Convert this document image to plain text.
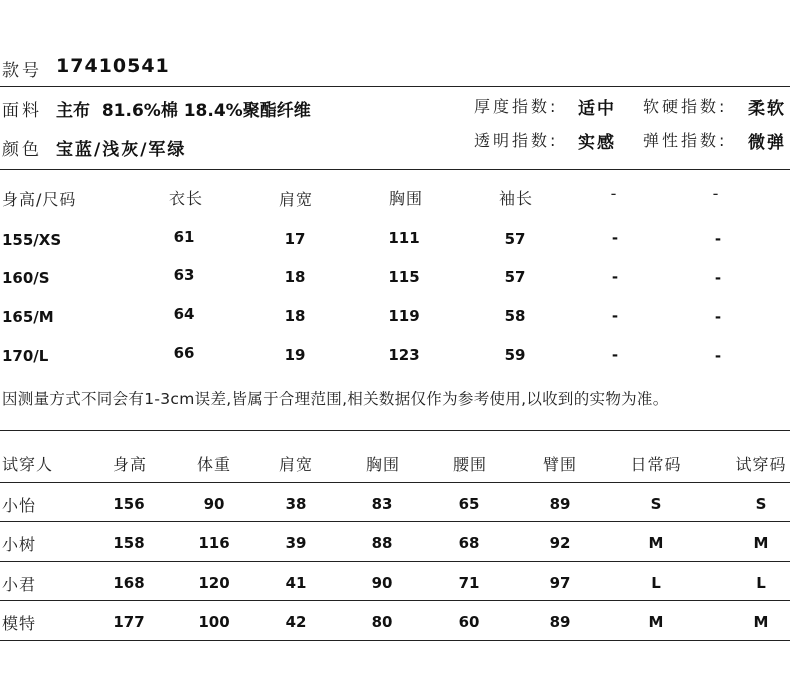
款号 17410541
面料 主布  81.6%棉 18.4%聚酯纤维
颜色 宝蓝/浅灰/军绿
厚度指数: 适中 软硬指数: 柔软
透明指数: 实感 弹性指数: 微弹
身高/尺码	衣长	肩宽	胸围	袖长	-	-
155/XS	61	17	111	57	-	-
160/S	63	18	115	57	-	-
165/M	64	18	119	58	-	-
170/L	66	19	123	59	-	-
因测量方式不同会有1-3cm误差,皆属于合理范围,相关数据仅作为参考使用,以收到的实物为准。
试穿人	身高	体重	肩宽	胸围	腰围	臂围	日常码	试穿码
小怡	156	90	38	83	65	89	S	S
小树	158	116	39	88	68	92	M	M
小君	168	120	41	90	71	97	L	L
模特	177	100	42	80	60	89	M	M
